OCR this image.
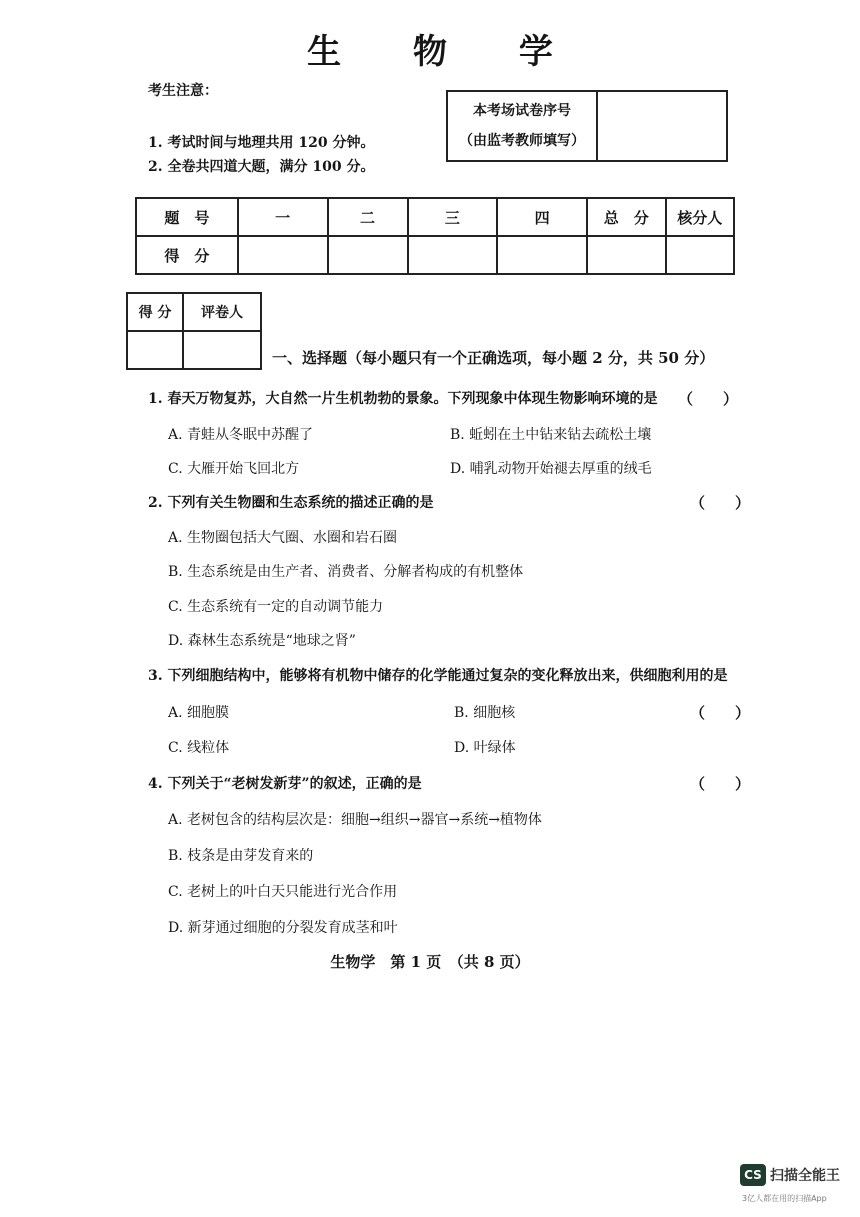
生 物 学
考生注意：
1. 考试时间与地理共用 120 分钟。
2. 全卷共四道大题，满分 100 分。
本考场试卷序号
（由监考教师填写）
题　号	一	二	三	四	总　分	核分人
得　分						
得 分	评卷人

一、选择题（每小题只有一个正确选项，每小题 2 分，共 50 分）
1. 春天万物复苏，大自然一片生机勃勃的景象。下列现象中体现生物影响环境的是 （　　）
A. 青蛙从冬眠中苏醒了	B. 蚯蚓在土中钻来钻去疏松土壤
C. 大雁开始飞回北方	D. 哺乳动物开始褪去厚重的绒毛
2. 下列有关生物圈和生态系统的描述正确的是	（　　）
A. 生物圈包括大气圈、水圈和岩石圈
B. 生态系统是由生产者、消费者、分解者构成的有机整体
C. 生态系统有一定的自动调节能力
D. 森林生态系统是“地球之肾”
3. 下列细胞结构中，能够将有机物中储存的化学能通过复杂的变化释放出来，供细胞利用的是
A. 细胞膜	B. 细胞核	（　　）
C. 线粒体	D. 叶绿体
4. 下列关于“老树发新芽”的叙述，正确的是	（　　）
A. 老树包含的结构层次是：细胞→组织→器官→系统→植物体
B. 枝条是由芽发育来的
C. 老树上的叶白天只能进行光合作用
D. 新芽通过细胞的分裂发育成茎和叶
生物学　第 1 页　（共 8 页）
CS 扫描全能王
3亿人都在用的扫描App
